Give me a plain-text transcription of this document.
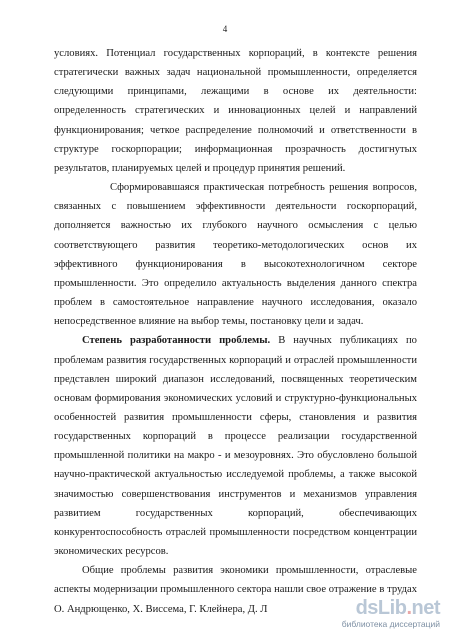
4
условиях. Потенциал государственных корпораций, в контексте решения
стратегически важных задач национальной промышленности, определяется
следующими принципами, лежащими в основе их деятельности:
определенность стратегических и инновационных целей и направлений
функционирования; четкое распределение полномочий и ответственности в
структуре госкорпорации; информационная прозрачность достигнутых
результатов, планируемых целей и процедур принятия решений.
Сформировавшаяся практическая потребность решения вопросов,
связанных с повышением эффективности деятельности госкорпораций,
дополняется важностью их глубокого научного осмысления с целью
соответствующего развития теоретико-методологических основ их
эффективного функционирования в высокотехнологичном секторе
промышленности. Это определило актуальность выделения данного спектра
проблем в самостоятельное направление научного исследования, оказало
непосредственное влияние на выбор темы, постановку цели и задач.
Степень разработанности проблемы. В научных публикациях по
проблемам развития государственных корпораций и отраслей промышленности
представлен широкий диапазон исследований, посвященных теоретическим
основам формирования экономических условий и структурно-функциональных
особенностей развития промышленности сферы, становления и развития
государственных корпораций в процессе реализации государственной
промышленной политики на макро - и мезоуровнях. Это обусловлено большой
научно-практической актуальностью исследуемой проблемы, а также высокой
значимостью совершенствования инструментов и механизмов управления
развитием государственных корпораций, обеспечивающих
конкурентоспособность отраслей промышленности посредством концентрации
экономических ресурсов.
Общие проблемы развития экономики промышленности, отраслевые
аспекты модернизации промышленного сектора нашли свое отражение в трудах
О. Андрющенко, Х. Виссема, Г. Клейнера, Д. Л	dsLib.net
библиотека диссертаций
